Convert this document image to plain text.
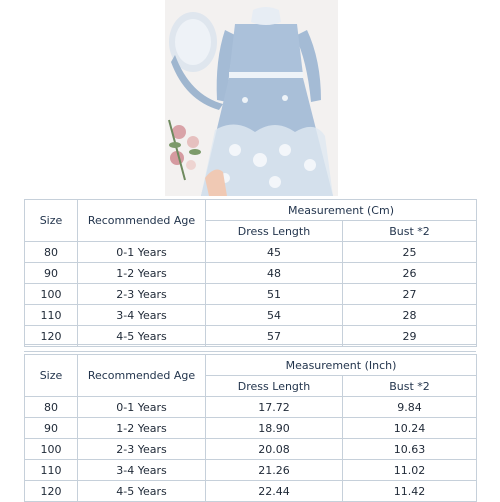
Size	Recommended Age	Measurement (Cm)	
		Dress Length	Bust *2
80	0-1 Years	45	25
90	1-2 Years	48	26
100	2-3 Years	51	27
110	3-4 Years	54	28
120	4-5 Years	57	29
Size	Recommended Age	Measurement (Inch)	
		Dress Length	Bust *2
80	0-1 Years	17.72	9.84
90	1-2 Years	18.90	10.24
100	2-3 Years	20.08	10.63
110	3-4 Years	21.26	11.02
120	4-5 Years	22.44	11.42
